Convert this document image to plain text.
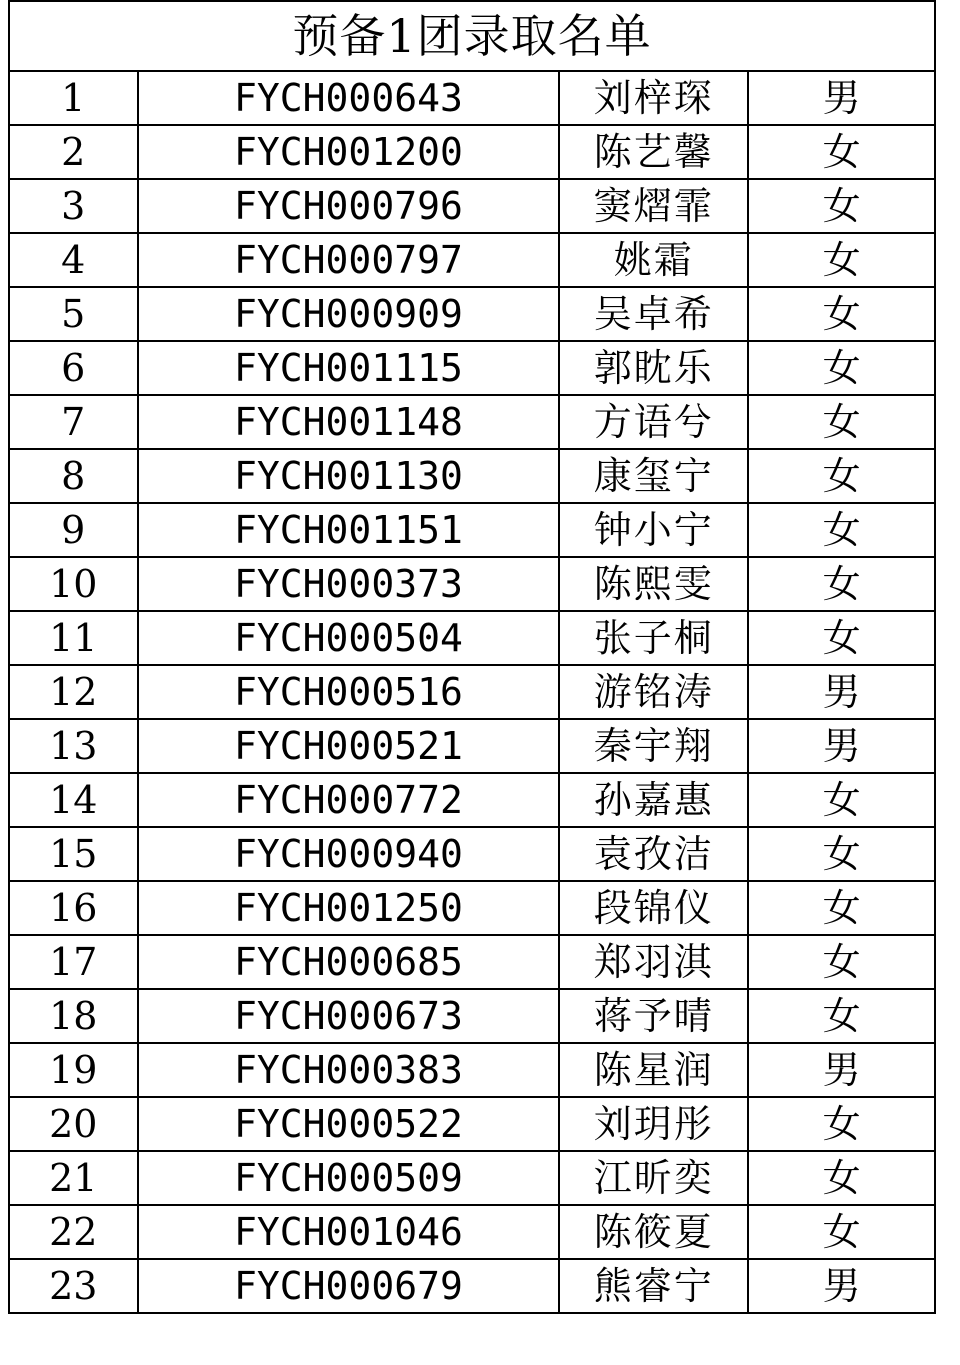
预备1团录取名单			
1	FYCH000643	刘梓琛	男
2	FYCH001200	陈艺馨	女
3	FYCH000796	窦熠霏	女
4	FYCH000797	姚霜	女
5	FYCH000909	吴卓希	女
6	FYCH001115	郭眈乐	女
7	FYCH001148	方语兮	女
8	FYCH001130	康玺宁	女
9	FYCH001151	钟小宁	女
10	FYCH000373	陈熙雯	女
11	FYCH000504	张子桐	女
12	FYCH000516	游铭涛	男
13	FYCH000521	秦宇翔	男
14	FYCH000772	孙嘉惠	女
15	FYCH000940	袁孜洁	女
16	FYCH001250	段锦仪	女
17	FYCH000685	郑羽淇	女
18	FYCH000673	蒋予晴	女
19	FYCH000383	陈星润	男
20	FYCH000522	刘玥彤	女
21	FYCH000509	江昕奕	女
22	FYCH001046	陈筱夏	女
23	FYCH000679	熊睿宁	男
